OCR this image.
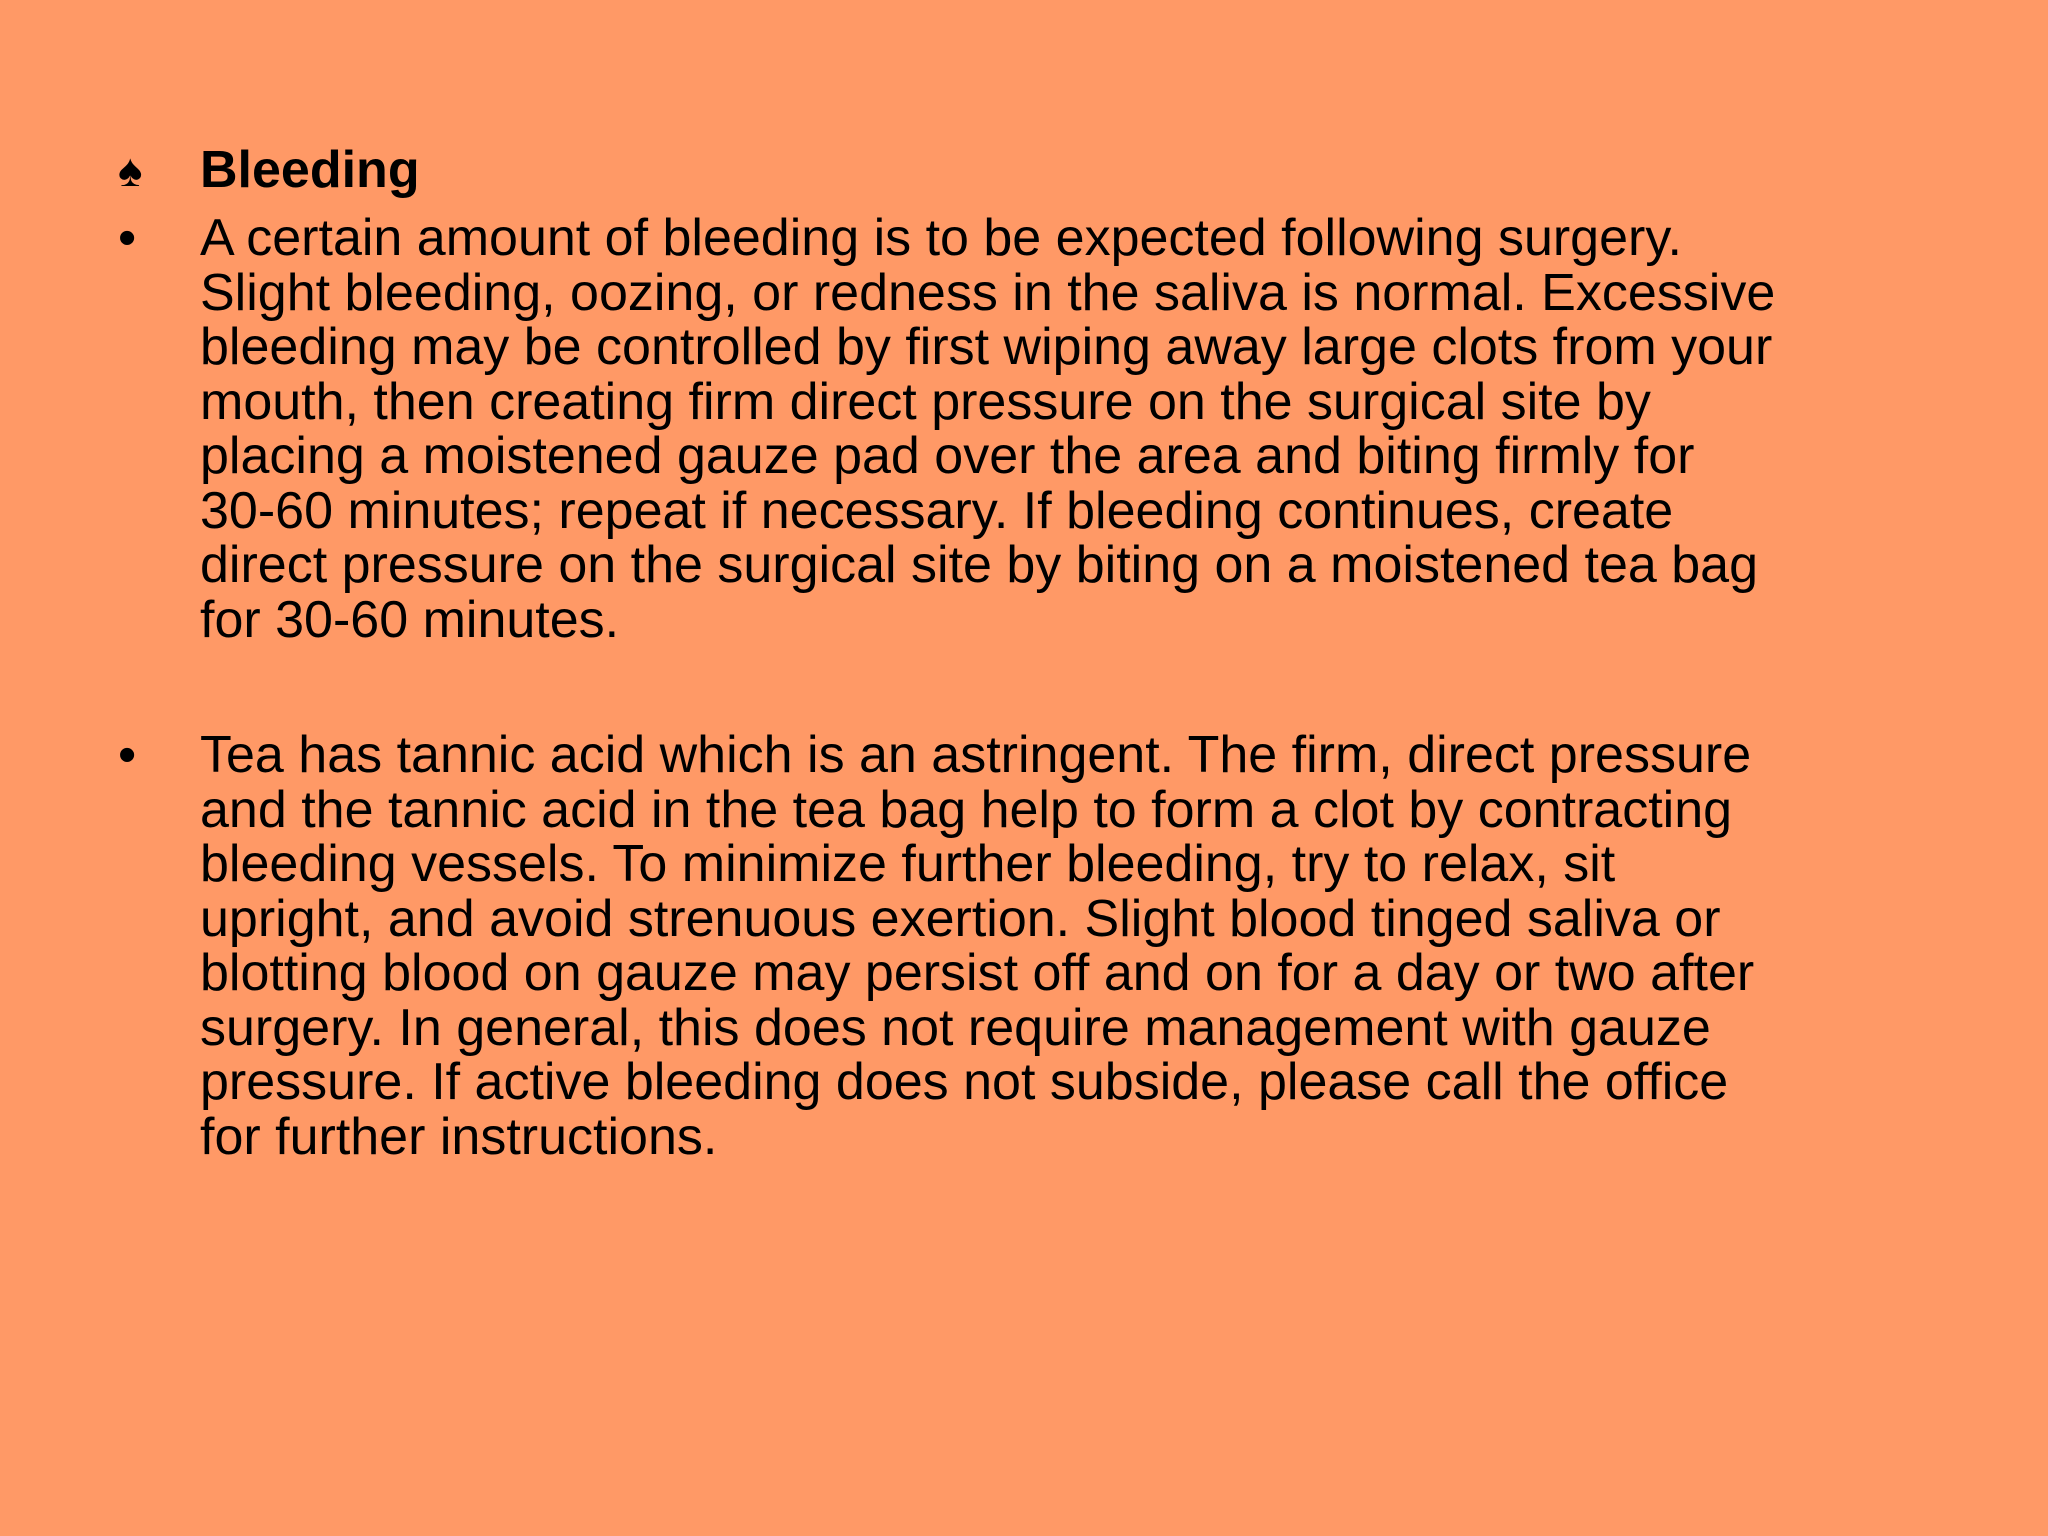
♠	Bleeding
•	A certain amount of bleeding is to be expected following surgery.
Slight bleeding, oozing, or redness in the saliva is normal. Excessive
bleeding may be controlled by first wiping away large clots from your
mouth, then creating firm direct pressure on the surgical site by
placing a moistened gauze pad over the area and biting firmly for
30-60 minutes; repeat if necessary. If bleeding continues, create
direct pressure on the surgical site by biting on a moistened tea bag
for 30-60 minutes.
•	Tea has tannic acid which is an astringent. The firm, direct pressure
and the tannic acid in the tea bag help to form a clot by contracting
bleeding vessels. To minimize further bleeding, try to relax, sit
upright, and avoid strenuous exertion. Slight blood tinged saliva or
blotting blood on gauze may persist off and on for a day or two after
surgery. In general, this does not require management with gauze
pressure. If active bleeding does not subside, please call the office
for further instructions.
